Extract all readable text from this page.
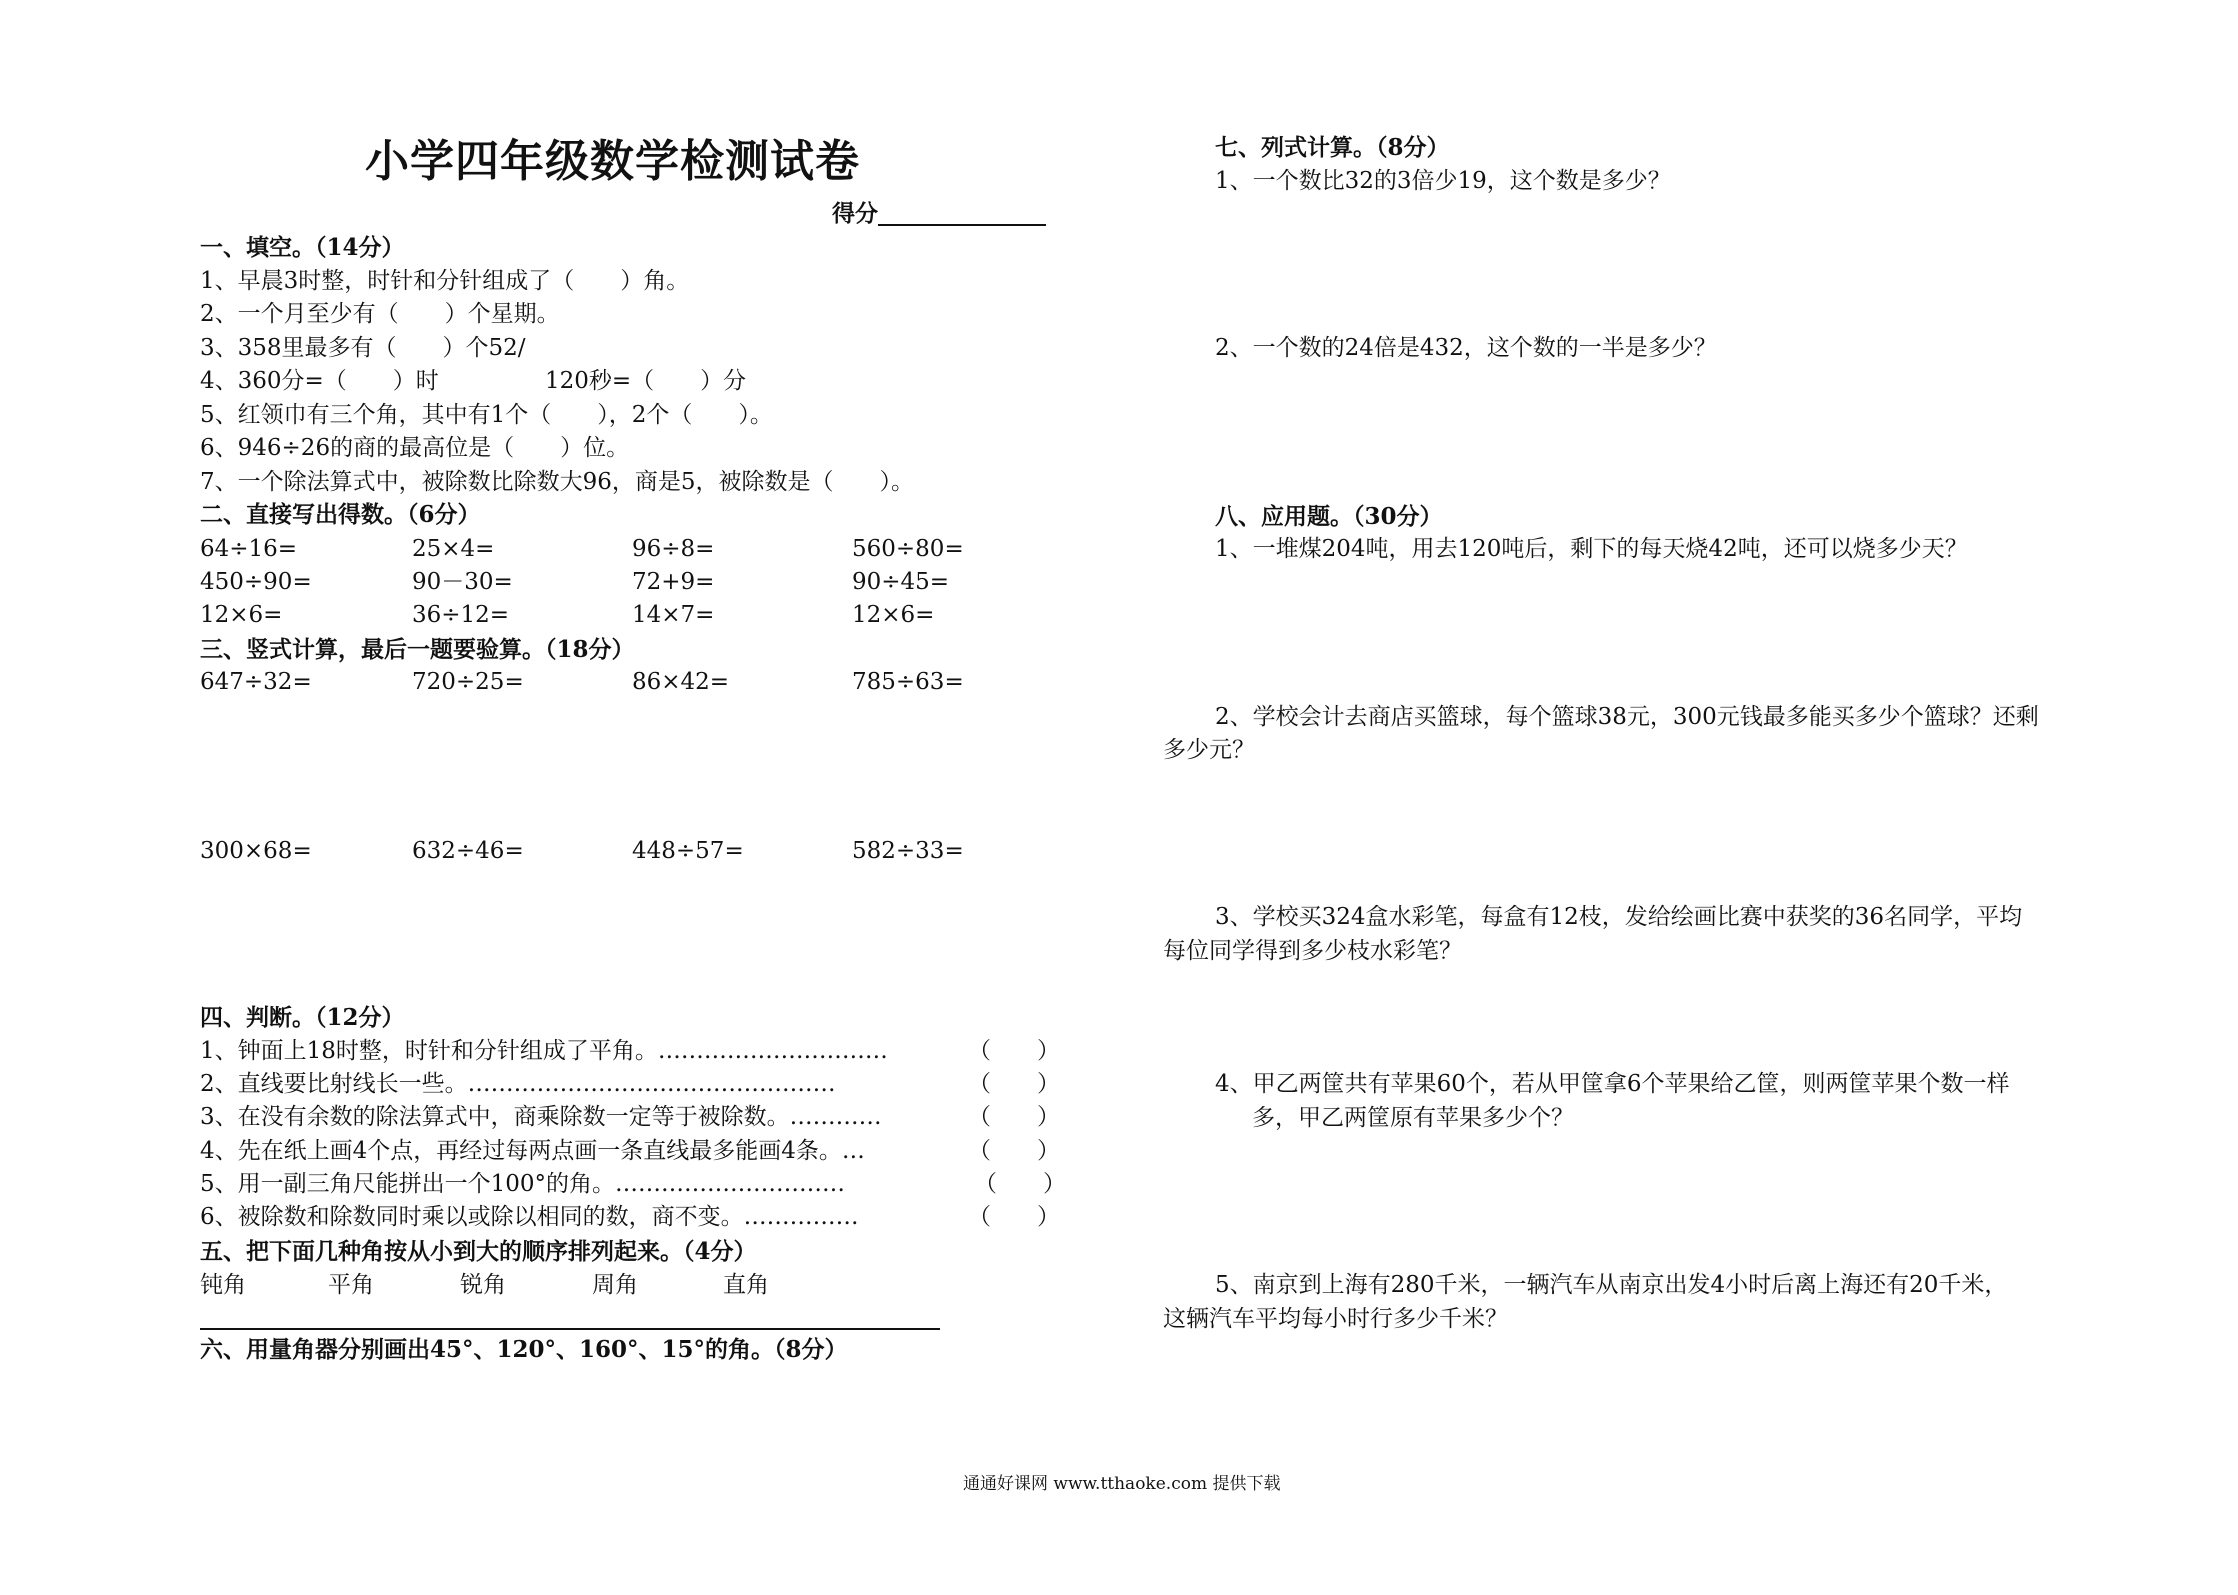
小学四年级数学检测试卷
得分
一、填空。（14分）
1、早晨3时整，时针和分针组成了（　　）角。
2、一个月至少有（　　）个星期。
3、358里最多有（　　）个52/
4、360分=（　　）时	120秒=（　　）分
5、红领巾有三个角，其中有1个（　　），2个（　　）。
6、946÷26的商的最高位是（　　）位。
7、一个除法算式中，被除数比除数大96，商是5，被除数是（　　）。
二、直接写出得数。（6分）
64÷16=	25×4=	96÷8=	560÷80=
450÷90=	90－30=	72+9=	90÷45=
12×6=	36÷12=	14×7=	12×6=
三、竖式计算，最后一题要验算。（18分）
647÷32=	720÷25=	86×42=	785÷63=
300×68=	632÷46=	448÷57=	582÷33=
四、判断。（12分）
1、钟面上18时整，时针和分针组成了平角。…………………………	（　　）
2、直线要比射线长一些。…………………………………………	（　　）
3、在没有余数的除法算式中，商乘除数一定等于被除数。…………	（　　）
4、先在纸上画4个点，再经过每两点画一条直线最多能画4条。…	（　　）
5、用一副三角尺能拼出一个100°的角。…………………………	（　　）
6、被除数和除数同时乘以或除以相同的数，商不变。……………	（　　）
五、把下面几种角按从小到大的顺序排列起来。（4分）
钝角	平角	锐角	周角	直角
六、用量角器分别画出45°、120°、160°、15°的角。（8分）
七、列式计算。（8分）
1、一个数比32的3倍少19，这个数是多少？
2、一个数的24倍是432，这个数的一半是多少？
八、应用题。（30分）
1、一堆煤204吨，用去120吨后，剩下的每天烧42吨，还可以烧多少天？
2、学校会计去商店买篮球，每个篮球38元，300元钱最多能买多少个篮球？还剩
多少元？
3、学校买324盒水彩笔，每盒有12枝，发给绘画比赛中获奖的36名同学，平均
每位同学得到多少枝水彩笔？
4、甲乙两筐共有苹果60个，若从甲筐拿6个苹果给乙筐，则两筐苹果个数一样
多，甲乙两筐原有苹果多少个？
5、南京到上海有280千米，一辆汽车从南京出发4小时后离上海还有20千米，
这辆汽车平均每小时行多少千米？
通通好课网 www.tthaoke.com 提供下载
